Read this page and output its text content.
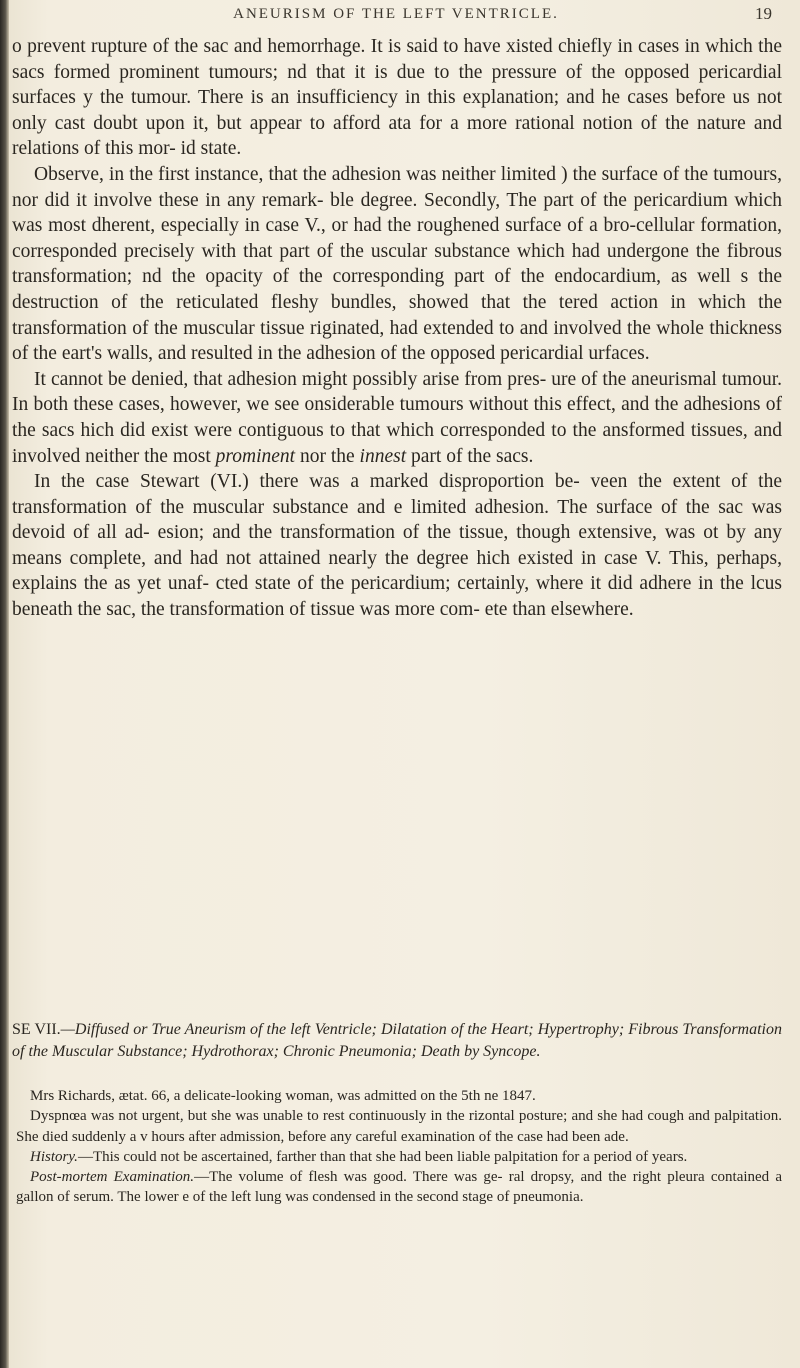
ANEURISM OF THE LEFT VENTRICLE.	19

o prevent rupture of the sac and hemorrhage. It is said to have xisted chiefly in cases in which the sacs formed prominent tumours; nd that it is due to the pressure of the opposed pericardial surfaces y the tumour. There is an insufficiency in this explanation; and he cases before us not only cast doubt upon it, but appear to afford ata for a more rational notion of the nature and relations of this mor- id state.

Observe, in the first instance, that the adhesion was neither limited ) the surface of the tumours, nor did it involve these in any remark- ble degree. Secondly, The part of the pericardium which was most dherent, especially in case V., or had the roughened surface of a bro-cellular formation, corresponded precisely with that part of the uscular substance which had undergone the fibrous transformation; nd the opacity of the corresponding part of the endocardium, as well s the destruction of the reticulated fleshy bundles, showed that the tered action in which the transformation of the muscular tissue riginated, had extended to and involved the whole thickness of the eart's walls, and resulted in the adhesion of the opposed pericardial urfaces.

It cannot be denied, that adhesion might possibly arise from pres- ure of the aneurismal tumour. In both these cases, however, we see onsiderable tumours without this effect, and the adhesions of the sacs hich did exist were contiguous to that which corresponded to the ansformed tissues, and involved neither the most prominent nor the innest part of the sacs.

In the case Stewart (VI.) there was a marked disproportion be- veen the extent of the transformation of the muscular substance and e limited adhesion. The surface of the sac was devoid of all ad- esion; and the transformation of the tissue, though extensive, was ot by any means complete, and had not attained nearly the degree hich existed in case V. This, perhaps, explains the as yet unaf- cted state of the pericardium; certainly, where it did adhere in the lcus beneath the sac, the transformation of tissue was more com- ete than elsewhere.

SE VII.—Diffused or True Aneurism of the left Ventricle; Dilatation of the Heart; Hypertrophy; Fibrous Transformation of the Muscular Substance; Hydrothorax; Chronic Pneumonia; Death by Syncope.

Mrs Richards, ætat. 66, a delicate-looking woman, was admitted on the 5th ne 1847.

Dyspnœa was not urgent, but she was unable to rest continuously in the rizontal posture; and she had cough and palpitation. She died suddenly a v hours after admission, before any careful examination of the case had been ade.

History.—This could not be ascertained, farther than that she had been liable palpitation for a period of years.

Post-mortem Examination.—The volume of flesh was good. There was ge- ral dropsy, and the right pleura contained a gallon of serum. The lower e of the left lung was condensed in the second stage of pneumonia.
